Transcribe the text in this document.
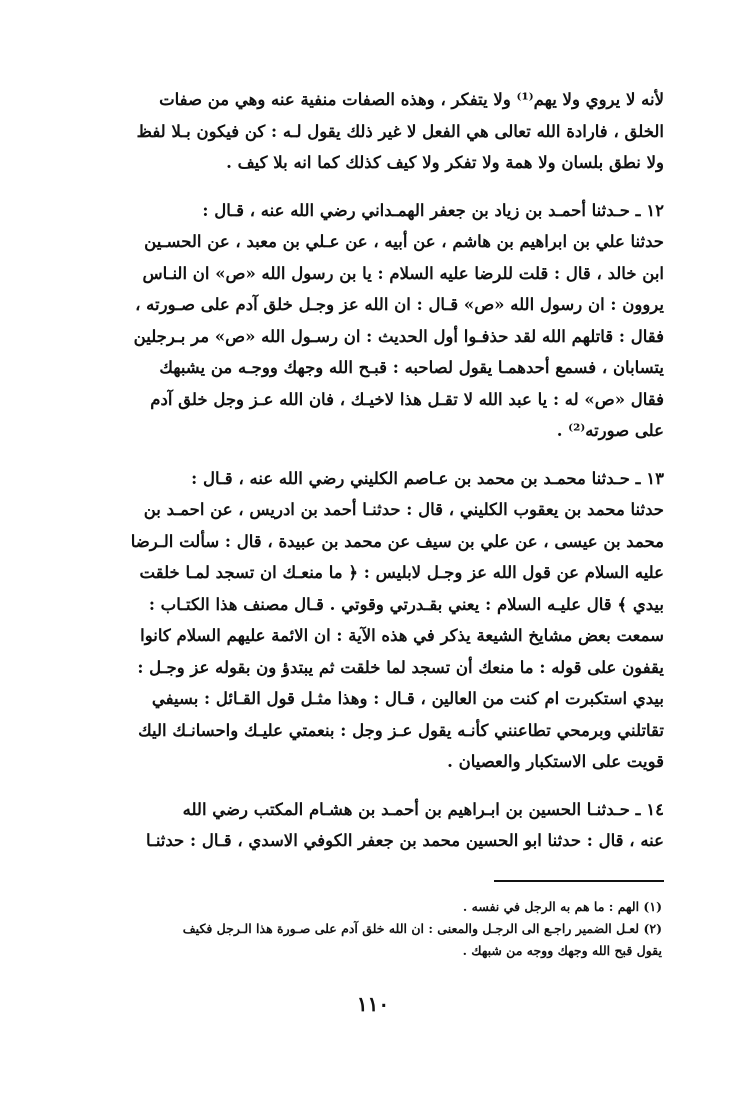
لأنه لا يروي ولا يهم⁽¹⁾ ولا يتفكر ، وهذه الصفات منفية عنه وهي من صفات
الخلق ، فارادة الله تعالى هي الفعل لا غير ذلك يقول لـه : كن فيكون بـلا لفظ
ولا نطق بلسان ولا همة ولا تفكر ولا كيف كذلك كما انه بلا كيف .

١٢ ـ حـدثنا أحمـد بن زياد بن جعفر الهمـداني رضي الله عنه ، قـال :
حدثنا علي بن ابراهيم بن هاشم ، عن أبيه ، عن عـلي بن معبد ، عن الحسـين
ابن خالد ، قال : قلت للرضا عليه السلام : يا بن رسول الله «ص» ان النـاس
يروون : ان رسول الله «ص» قـال : ان الله عز وجـل خلق آدم على صـورته ،
فقال : قاتلهم الله لقد حذفـوا أول الحديث : ان رسـول الله «ص» مر بـرجلين
يتسابان ، فسمع أحدهمـا يقول لصاحبه : قبـح الله وجهك ووجـه من يشبهك
فقال «ص» له : يا عبد الله لا تقـل هذا لاخيـك ، فان الله عـز وجل خلق آدم
على صورته⁽²⁾ .

١٣ ـ حـدثنا محمـد بن محمد بن عـاصم الكليني رضي الله عنه ، قـال :
حدثنا محمد بن يعقوب الكليني ، قال : حدثنـا أحمد بن ادريس ، عن احمـد بن
محمد بن عيسى ، عن علي بن سيف عن محمد بن عبيدة ، قال : سألت الـرضا
عليه السلام عن قول الله عز وجـل لابليس : ﴿ ما منعـك ان تسجد لمـا خلقت
بيدي ﴾ قال عليـه السلام : يعني بقـدرتي وقوتي . قـال مصنف هذا الكتـاب :
سمعت بعض مشايخ الشيعة يذكر في هذه الآية : ان الائمة عليهم السلام كانوا
يقفون على قوله : ما منعك أن تسجد لما خلقت ثم يبتدؤ ون بقوله عز وجـل :
بيدي استكبرت ام كنت من العالين ، قـال : وهذا مثـل قول القـائل : بسيفي
تقاتلني وبرمحي تطاعنني كأنـه يقول عـز وجل : بنعمتي عليـك واحسانـك اليك
قويت على الاستكبار والعصيان .

١٤ ـ حـدثنـا الحسين بن ابـراهيم بن أحمـد بن هشـام المكتب رضي الله
عنه ، قال : حدثنا ابو الحسين محمد بن جعفر الكوفي الاسدي ، قـال : حدثنـا

(١) الهم : ما هم به الرجل في نفسه .
(٢) لعـل الضمير راجـع الى الرجـل والمعنى : ان الله خلق آدم على صـورة هذا الـرجل فكيف
يقول قبح الله وجهك ووجه من شبهك .
١١٠
